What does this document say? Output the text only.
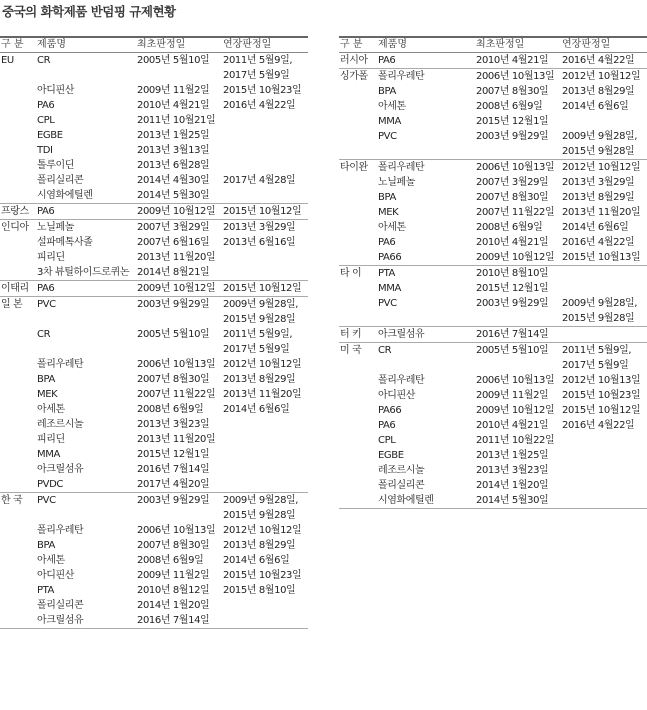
중국의 화학제품 반덤핑 규제현황
구 분	제품명	최초판정일	연장판정일
EU	CR	2005년 5월10일	2011년 5월9일,
2017년 5월9일
아디핀산	2009년 11월2일	2015년 10월23일
PA6	2010년 4월21일	2016년 4월22일
CPL	2011년 10월21일
EGBE	2013년 1월25일
TDI	2013년 3월13일
톨루이딘	2013년 6월28일
폴리실리콘	2014년 4월30일	2017년 4월28일
시염화에틸렌	2014년 5월30일
프랑스 PA6	2009년 10월12일 2015년 10월12일
인디아 노닐페놀	2007년 3월29일	2013년 3월29일
설파메톡사졸	2007년 6월16일	2013년 6월16일
피리딘	2013년 11월20일
3차 뷰틸하이드로퀴논 2014년 8월21일
이태리 PA6	2009년 10월12일 2015년 10월12일
일 본	PVC	2003년 9월29일	2009년 9월28일,
2015년 9월28일
CR	2005년 5월10일	2011년 5월9일,
2017년 5월9일
폴리우레탄	2006년 10월13일 2012년 10월12일
BPA	2007년 8월30일	2013년 8월29일
MEK	2007년 11월22일 2013년 11월20일
아세톤	2008년 6월9일	2014년 6월6일
레조르시놀	2013년 3월23일
피리딘	2013년 11월20일
MMA	2015년 12월1일
아크릴섬유	2016년 7월14일
PVDC	2017년 4월20일
한 국	PVC	2003년 9월29일	2009년 9월28일,
2015년 9월28일
폴리우레탄	2006년 10월13일 2012년 10월12일
BPA	2007년 8월30일	2013년 8월29일
아세톤	2008년 6월9일	2014년 6월6일
아디핀산	2009년 11월2일	2015년 10월23일
PTA	2010년 8월12일	2015년 8월10일
폴리실리콘	2014년 1월20일
아크릴섬유	2016년 7월14일
구 분	제품명	최초판정일	연장판정일
러시아	PA6	2010년 4월21일	2016년 4월22일
싱가폴	폴리우레탄	2006년 10월13일 2012년 10월12일
BPA	2007년 8월30일	2013년 8월29일
아세톤	2008년 6월9일	2014년 6월6일
MMA	2015년 12월1일
PVC	2003년 9월29일	2009년 9월28일,
2015년 9월28일
타이완	폴리우레탄	2006년 10월13일 2012년 10월12일
노닐페놀	2007년 3월29일	2013년 3월29일
BPA	2007년 8월30일	2013년 8월29일
MEK	2007년 11월22일 2013년 11월20일
아세톤	2008년 6월9일	2014년 6월6일
PA6	2010년 4월21일	2016년 4월22일
PA66	2009년 10월12일 2015년 10월13일
타 이	PTA	2010년 8월10일
MMA	2015년 12월1일
PVC	2003년 9월29일	2009년 9월28일,
2015년 9월28일
터 키	아크릴섬유	2016년 7월14일
미 국	CR	2005년 5월10일	2011년 5월9일,
2017년 5월9일
폴리우레탄	2006년 10월13일 2012년 10월13일
아디핀산	2009년 11월2일	2015년 10월23일
PA66	2009년 10월12일 2015년 10월12일
PA6	2010년 4월21일	2016년 4월22일
CPL	2011년 10월22일
EGBE	2013년 1월25일
레조르시놀	2013년 3월23일
폴리실리콘	2014년 1월20일
시염화에틸렌	2014년 5월30일
